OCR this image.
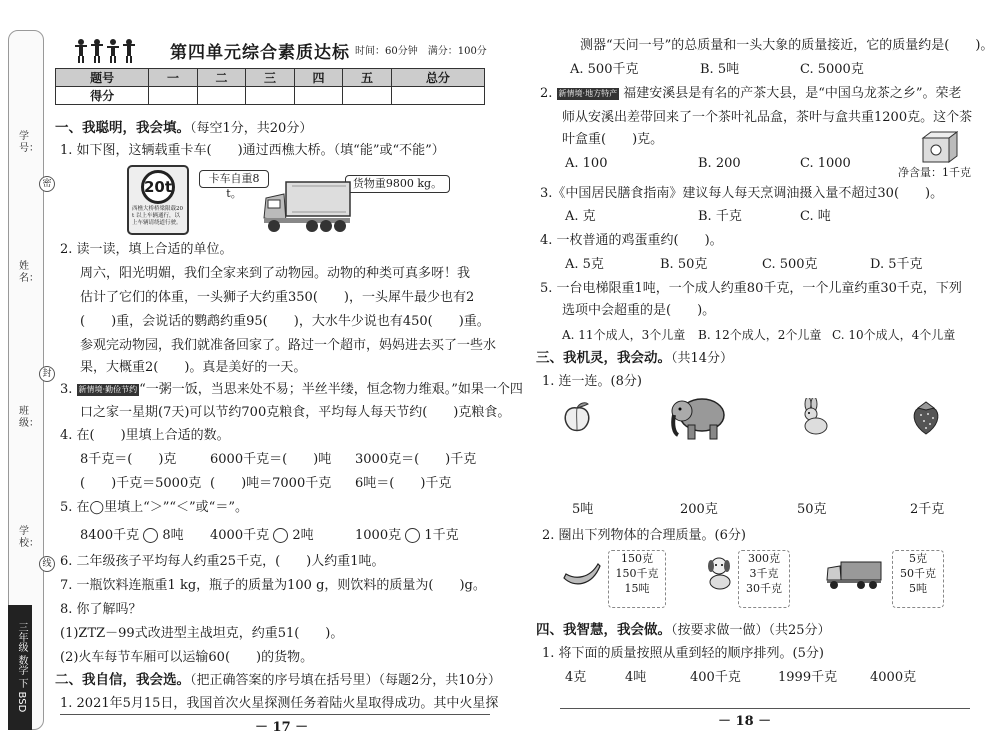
学号：
密
姓名：
封
班级：
学校：
线
三年级 数学 下 BSD
第四单元综合素质达标 时间：60分钟　满分：100分
题号	一	二	三	四	五	总分
得分						
一、我聪明，我会填。（每空1分，共20分）
1. 如下图，这辆载重卡车(　　)通过西樵大桥。（填“能”或“不能”）
20t
西樵大桥桥梁限载20 t 以上车辆通行，以上车辆请绕道行驶。
卡车自重8 t。
货物重9800 kg。
2. 读一读，填上合适的单位。
周六，阳光明媚，我们全家来到了动物园。动物的种类可真多呀！我
估计了它们的体重，一头狮子大约重350(　　)，一头犀牛最少也有2
(　　)重，会说话的鹦鹉约重95(　　)，大水牛少说也有450(　　)重。
参观完动物园，我们就准备回家了。路过一个超市，妈妈进去买了一些水
果，大概重2(　　)。真是美好的一天。
3. 新情境·勤俭节约 “一粥一饭，当思来处不易；半丝半缕，恒念物力维艰。”如果一个四
口之家一星期(7天)可以节约700克粮食，平均每人每天节约(　　)克粮食。
4. 在(　　)里填上合适的数。
8千克＝(　　)克	6000千克＝(　　)吨 3000克＝(　　)千克
(　　)千克＝5000克 (　　)吨＝7000千克 6吨＝(　　)千克
5. 在◯里填上“＞”“＜”或“＝”。
8400千克 8吨 4000千克 2吨	1000克 1千克
6. 二年级孩子平均每人约重25千克，(　　)人约重1吨。
7. 一瓶饮料连瓶重1 kg，瓶子的质量为100 g，则饮料的质量为(　　)g。
8. 你了解吗？
(1)ZTZ－99式改进型主战坦克，约重51(　　)。
(2)火车每节车厢可以运输60(　　)的货物。
二、我自信，我会选。（把正确答案的序号填在括号里）（每题2分，共10分）
1. 2021年5月15日，我国首次火星探测任务着陆火星取得成功。其中火星探
－ 17 －
测器“天问一号”的总质量和一头大象的质量接近，它的质量约是(　　)。
A. 500千克	B. 5吨	C. 5000克
2. 新情境·地方特产 福建安溪县是有名的产茶大县，是“中国乌龙茶之乡”。荣老
师从安溪出差带回来了一个茶叶礼品盒，茶叶与盒共重1200克。这个茶
叶盒重(　　)克。
A. 100	B. 200	C. 1000
净含量：1千克
3.《中国居民膳食指南》建议每人每天烹调油摄入量不超过30(　　)。
A. 克	B. 千克	C. 吨
4. 一枚普通的鸡蛋重约(　　)。
A. 5克	B. 50克	C. 500克	D. 5千克
5. 一台电梯限重1吨，一个成人约重80千克，一个儿童约重30千克，下列
选项中会超重的是(　　)。
A. 11个成人，3个儿童 B. 12个成人，2个儿童 C. 10个成人，4个儿童
三、我机灵，我会动。（共14分）
1. 连一连。(8分)
5吨	200克	50克	2千克
2. 圈出下列物体的合理质量。(6分)
150克
150千克
15吨
300克
3千克
30千克
5克
50千克
5吨
四、我智慧，我会做。（按要求做一做）（共25分）
1. 将下面的质量按照从重到轻的顺序排列。(5分)
4克	4吨	400千克	1999千克	4000克
－ 18 －
